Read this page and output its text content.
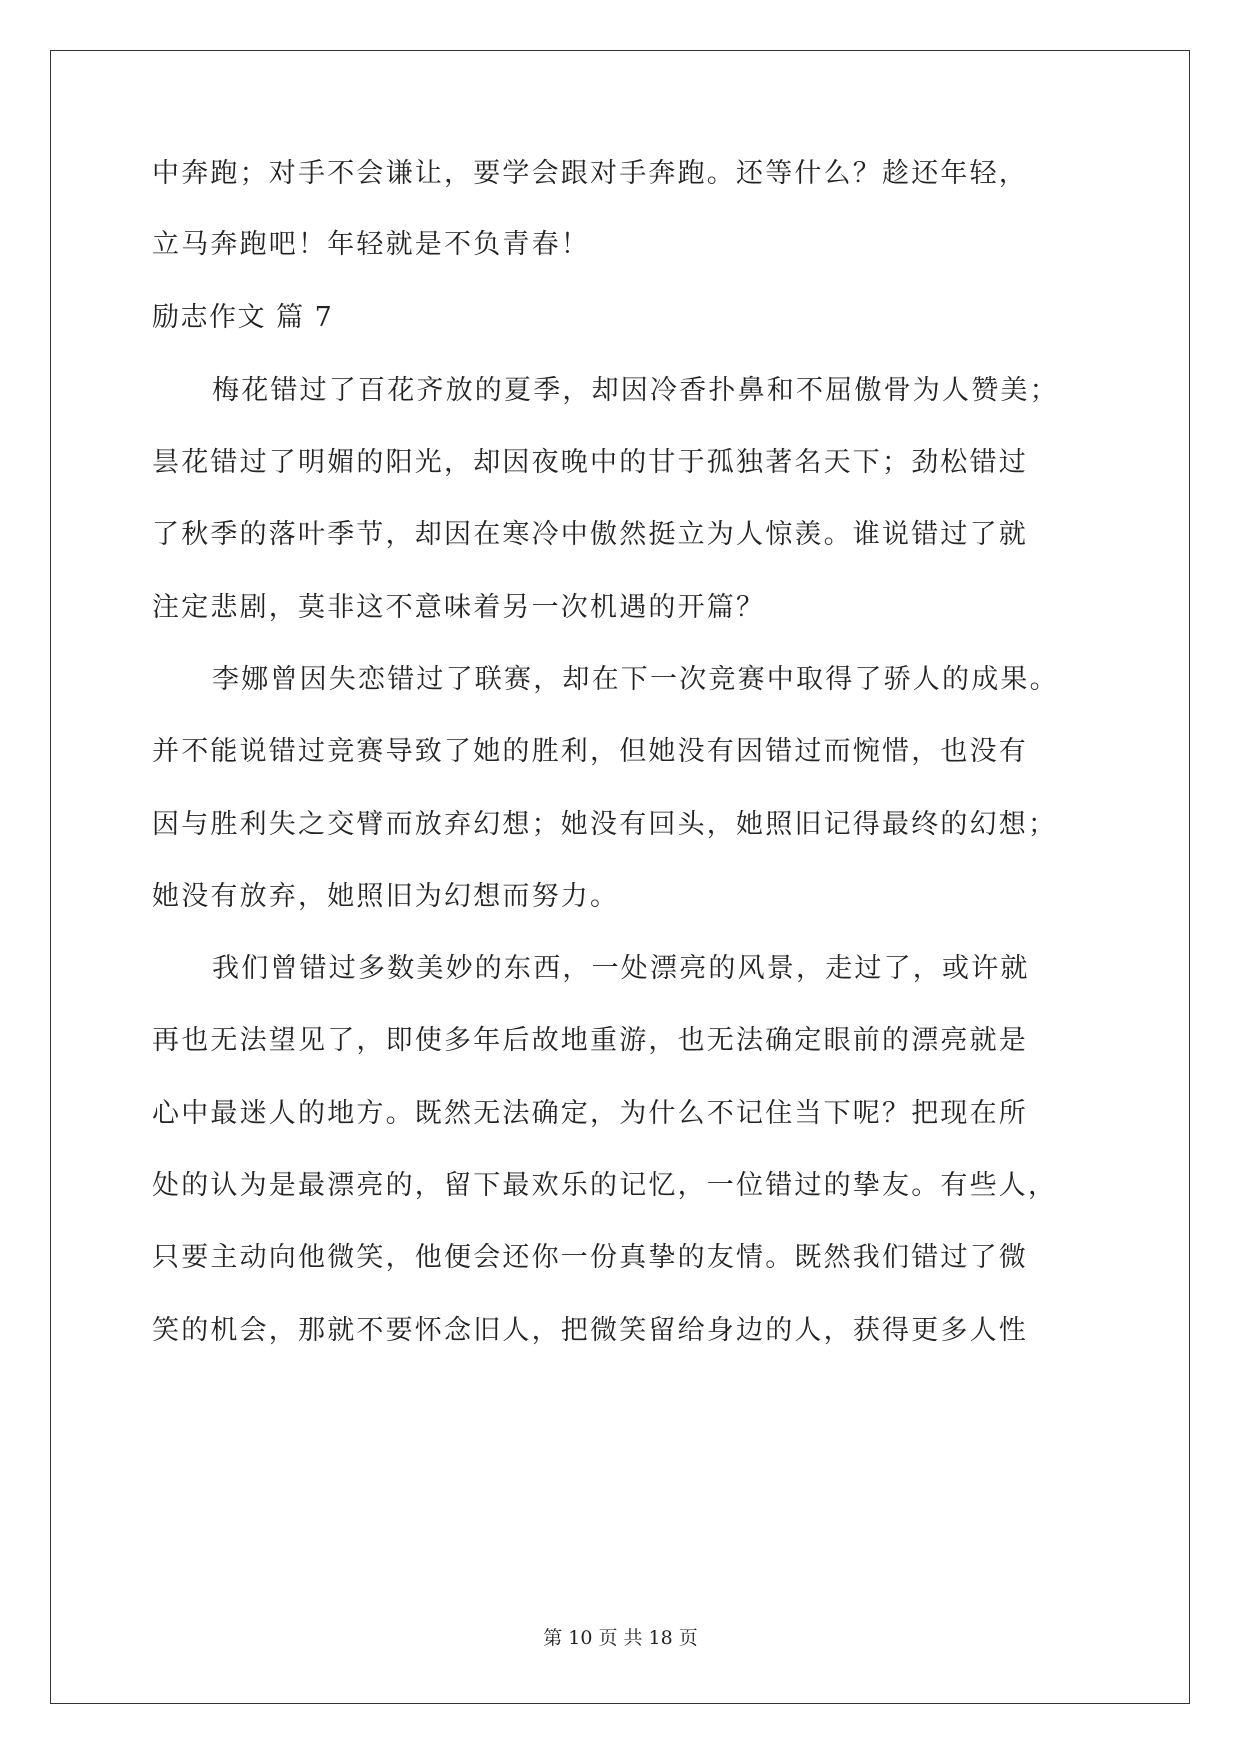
中奔跑；对手不会谦让，要学会跟对手奔跑。还等什么？趁还年轻，

立马奔跑吧！年轻就是不负青春！

励志作文 篇 7

梅花错过了百花齐放的夏季，却因冷香扑鼻和不屈傲骨为人赞美；

昙花错过了明媚的阳光，却因夜晚中的甘于孤独著名天下；劲松错过

了秋季的落叶季节，却因在寒冷中傲然挺立为人惊羡。谁说错过了就

注定悲剧，莫非这不意味着另一次机遇的开篇？

李娜曾因失恋错过了联赛，却在下一次竞赛中取得了骄人的成果。

并不能说错过竞赛导致了她的胜利，但她没有因错过而惋惜，也没有

因与胜利失之交臂而放弃幻想；她没有回头，她照旧记得最终的幻想；

她没有放弃，她照旧为幻想而努力。

我们曾错过多数美妙的东西，一处漂亮的风景，走过了，或许就

再也无法望见了，即使多年后故地重游，也无法确定眼前的漂亮就是

心中最迷人的地方。既然无法确定，为什么不记住当下呢？把现在所

处的认为是最漂亮的，留下最欢乐的记忆，一位错过的挚友。有些人，

只要主动向他微笑，他便会还你一份真挚的友情。既然我们错过了微

笑的机会，那就不要怀念旧人，把微笑留给身边的人，获得更多人性

第 10 页 共 18 页
